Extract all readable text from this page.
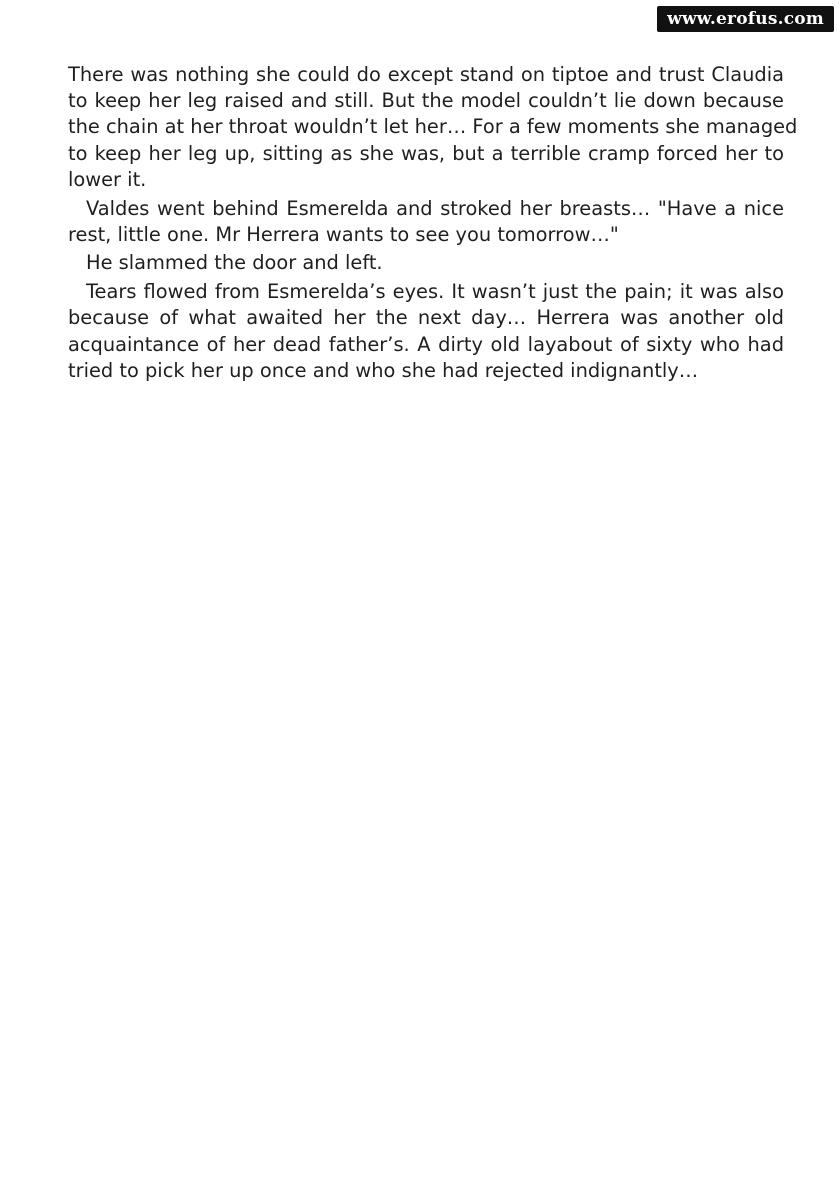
www.erofus.com

There was nothing she could do except stand on tiptoe and trust Claudia
to keep her leg raised and still. But the model couldn’t lie down because
the chain at her throat wouldn’t let her… For a few moments she managed
to keep her leg up, sitting as she was, but a terrible cramp forced her to
lower it.

Valdes went behind Esmerelda and stroked her breasts… "Have a nice
rest, little one. Mr Herrera wants to see you tomorrow…"

He slammed the door and left.

Tears flowed from Esmerelda’s eyes. It wasn’t just the pain; it was also
because of what awaited her the next day… Herrera was another old
acquaintance of her dead father’s. A dirty old layabout of sixty who had
tried to pick her up once and who she had rejected indignantly…
